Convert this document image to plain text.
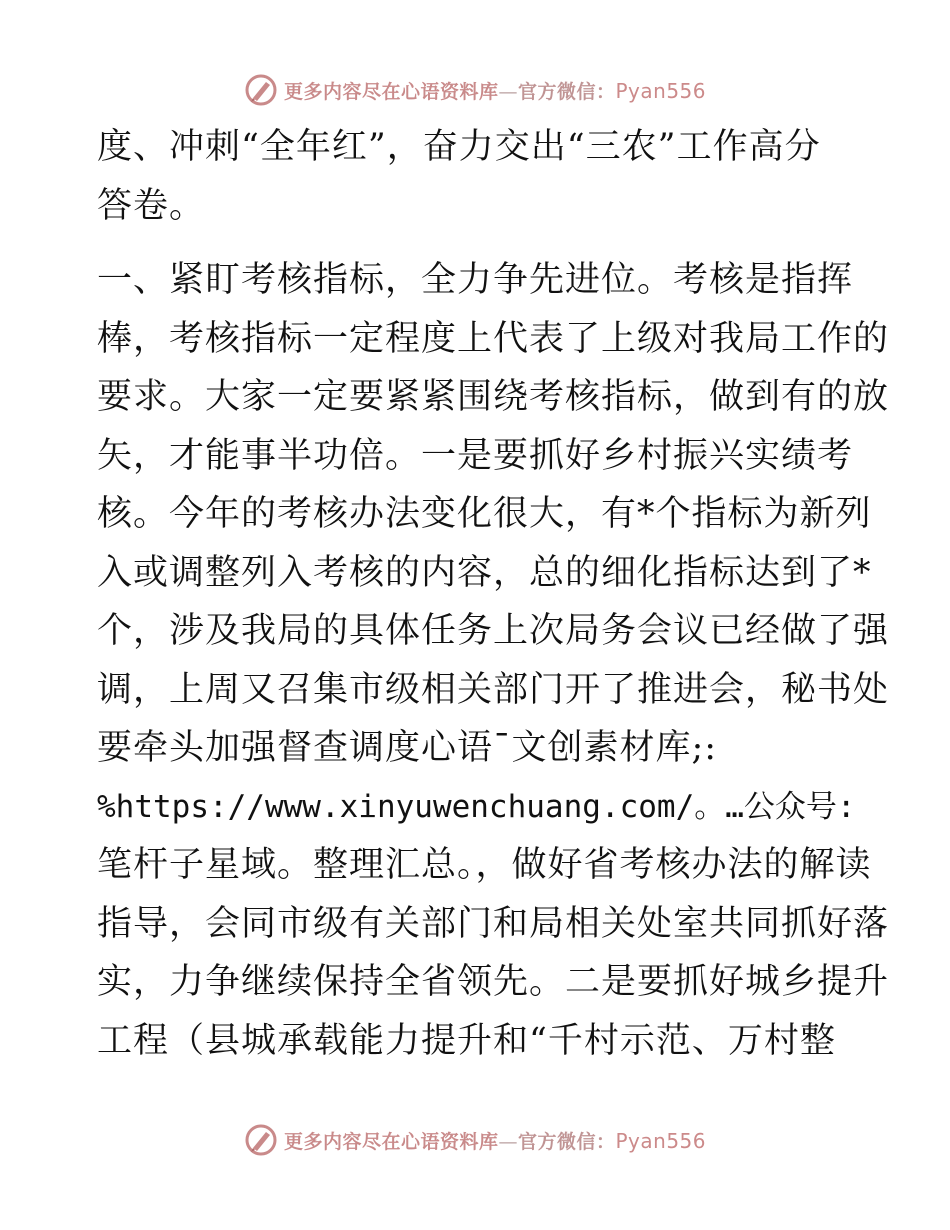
更多内容尽在心语资料库—官方微信：Pyan556
度、冲刺“全年红”，奋力交出“三农”工作高分
答卷。
一、紧盯考核指标，全力争先进位。考核是指挥
棒，考核指标一定程度上代表了上级对我局工作的
要求。大家一定要紧紧围绕考核指标，做到有的放
矢，才能事半功倍。一是要抓好乡村振兴实绩考
核。今年的考核办法变化很大，有*个指标为新列
入或调整列入考核的内容，总的细化指标达到了*
个，涉及我局的具体任务上次局务会议已经做了强
调，上周又召集市级相关部门开了推进会，秘书处
要牵头加强督查调度心语¯文创素材库;:
%https://www.xinyuwenchuang.com/。…公众号:
笔杆子星域。整理汇总。，做好省考核办法的解读
指导，会同市级有关部门和局相关处室共同抓好落
实，力争继续保持全省领先。二是要抓好城乡提升
工程（县城承载能力提升和“千村示范、万村整
更多内容尽在心语资料库—官方微信：Pyan556
